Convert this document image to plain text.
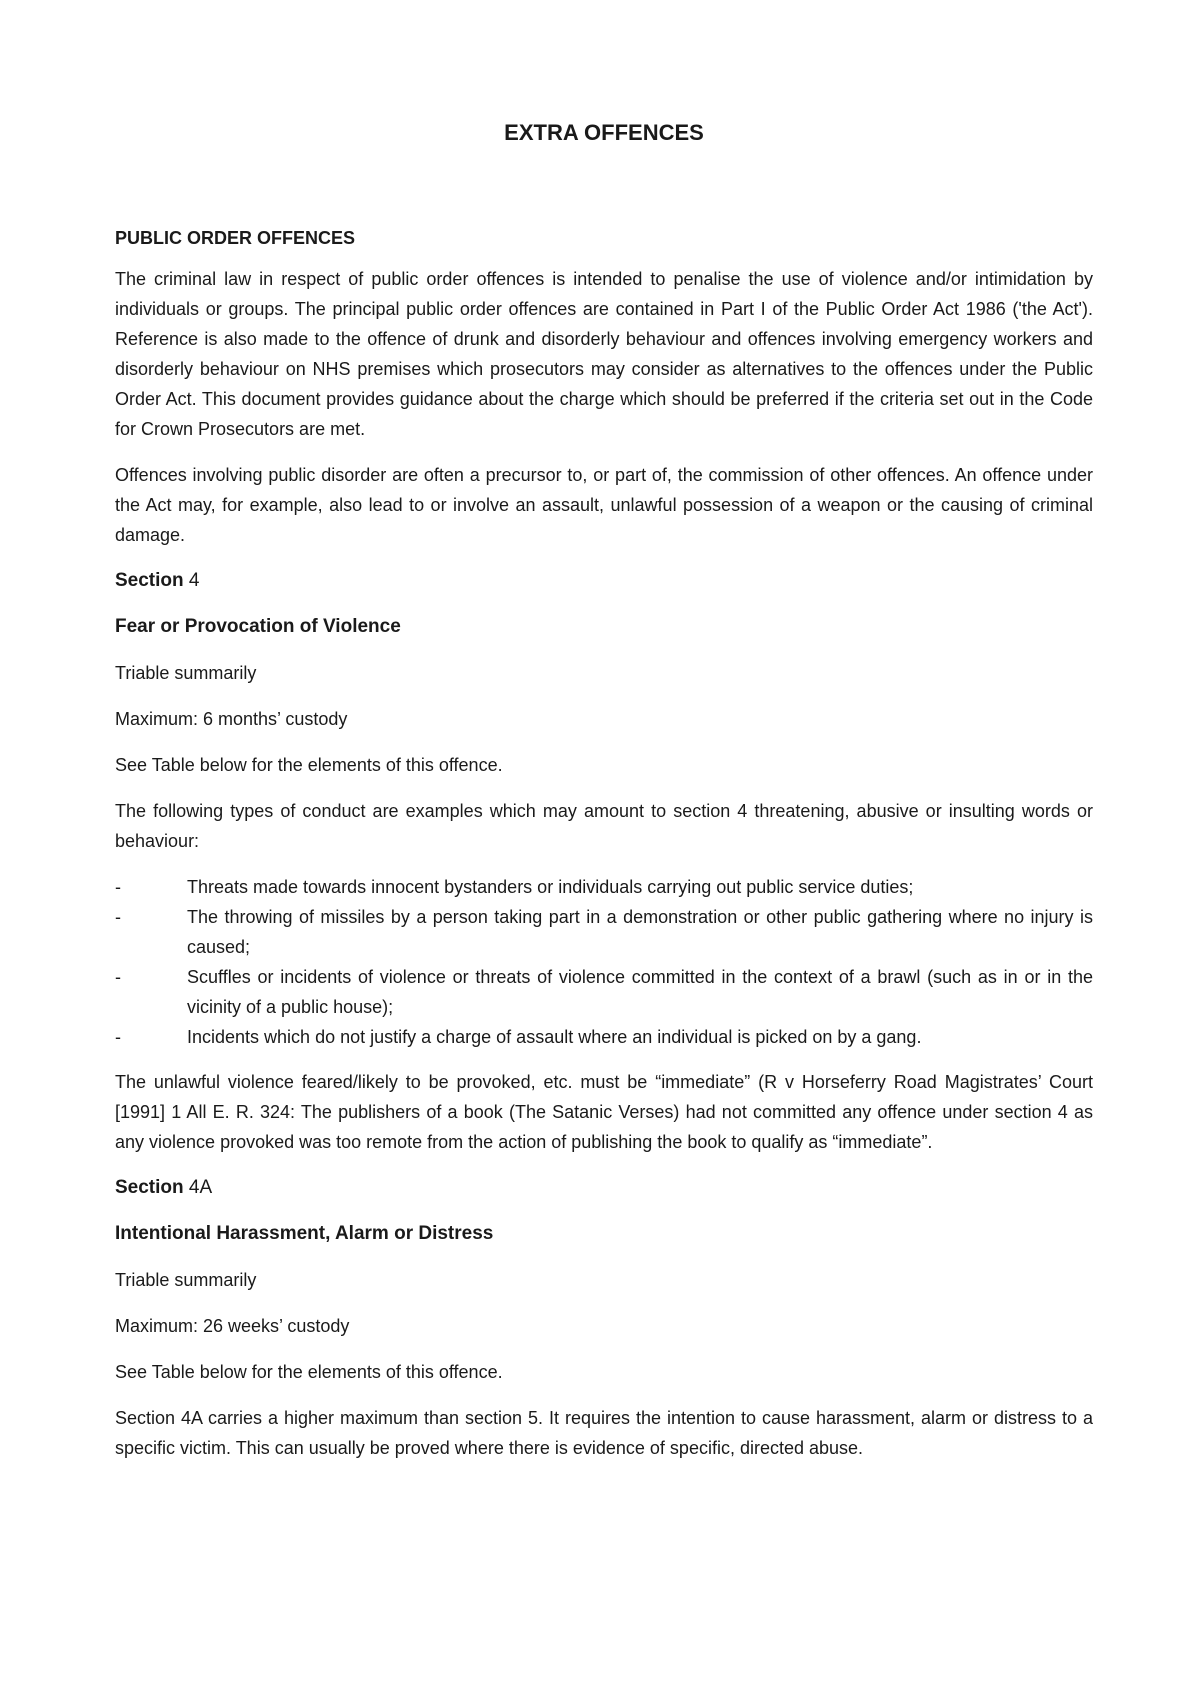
EXTRA OFFENCES
PUBLIC ORDER OFFENCES

The criminal law in respect of public order offences is intended to penalise the use of violence and/or intimidation by individuals or groups. The principal public order offences are contained in Part I of the Public Order Act 1986 ('the Act'). Reference is also made to the offence of drunk and disorderly behaviour and offences involving emergency workers and disorderly behaviour on NHS premises which prosecutors may consider as alternatives to the offences under the Public Order Act. This document provides guidance about the charge which should be preferred if the criteria set out in the Code for Crown Prosecutors are met.

Offences involving public disorder are often a precursor to, or part of, the commission of other offences. An offence under the Act may, for example, also lead to or involve an assault, unlawful possession of a weapon or the causing of criminal damage.

Section 4

Fear or Provocation of Violence

Triable summarily

Maximum: 6 months’ custody

See Table below for the elements of this offence.

The following types of conduct are examples which may amount to section 4 threatening, abusive or insulting words or behaviour:

-	Threats made towards innocent bystanders or individuals carrying out public service duties;
-	The throwing of missiles by a person taking part in a demonstration or other public gathering where no injury is caused;
-	Scuffles or incidents of violence or threats of violence committed in the context of a brawl (such as in or in the vicinity of a public house);
-	Incidents which do not justify a charge of assault where an individual is picked on by a gang.

The unlawful violence feared/likely to be provoked, etc. must be “immediate” (R v Horseferry Road Magistrates’ Court [1991] 1 All E. R. 324: The publishers of a book (The Satanic Verses) had not committed any offence under section 4 as any violence provoked was too remote from the action of publishing the book to qualify as “immediate”.

Section 4A

Intentional Harassment, Alarm or Distress

Triable summarily

Maximum: 26 weeks’ custody

See Table below for the elements of this offence.

Section 4A carries a higher maximum than section 5. It requires the intention to cause harassment, alarm or distress to a specific victim. This can usually be proved where there is evidence of specific, directed abuse.
